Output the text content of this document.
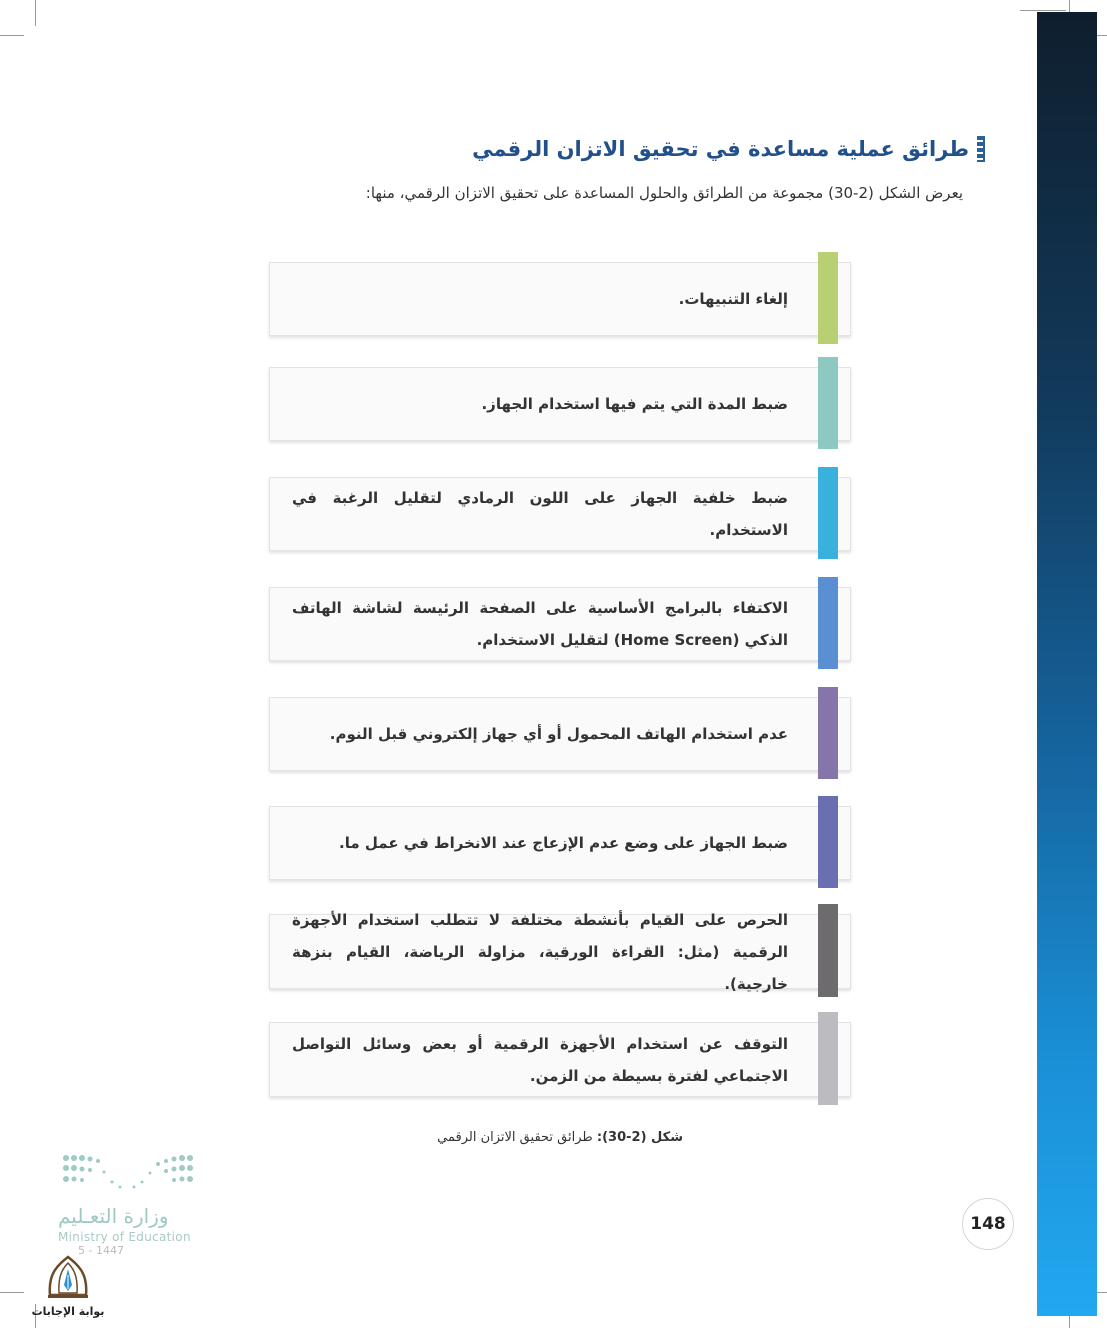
طرائق عملية مساعدة في تحقيق الاتزان الرقمي
يعرض الشكل (2-30) مجموعة من الطرائق والحلول المساعدة على تحقيق الاتزان الرقمي، منها:
إلغاء التنبيهات.
ضبط المدة التي يتم فيها استخدام الجهاز.
ضبط خلفية الجهاز على اللون الرمادي لتقليل الرغبة في الاستخدام.
الاكتفاء بالبرامج الأساسية على الصفحة الرئيسة لشاشة الهاتف الذكي (Home Screen) لتقليل الاستخدام.
عدم استخدام الهاتف المحمول أو أي جهاز إلكتروني قبل النوم.
ضبط الجهاز على وضع عدم الإزعاج عند الانخراط في عمل ما.
الحرص على القيام بأنشطة مختلفة لا تتطلب استخدام الأجهزة الرقمية (مثل: القراءة الورقية، مزاولة الرياضة، القيام بنزهة خارجية).
التوقف عن استخدام الأجهزة الرقمية أو بعض وسائل التواصل الاجتماعي لفترة بسيطة من الزمن.
شكل (2-30): طرائق تحقيق الاتزان الرقمي
148
وزارة التعـليم
Ministry of Education
5 - 1447
بوابة الإجابات
